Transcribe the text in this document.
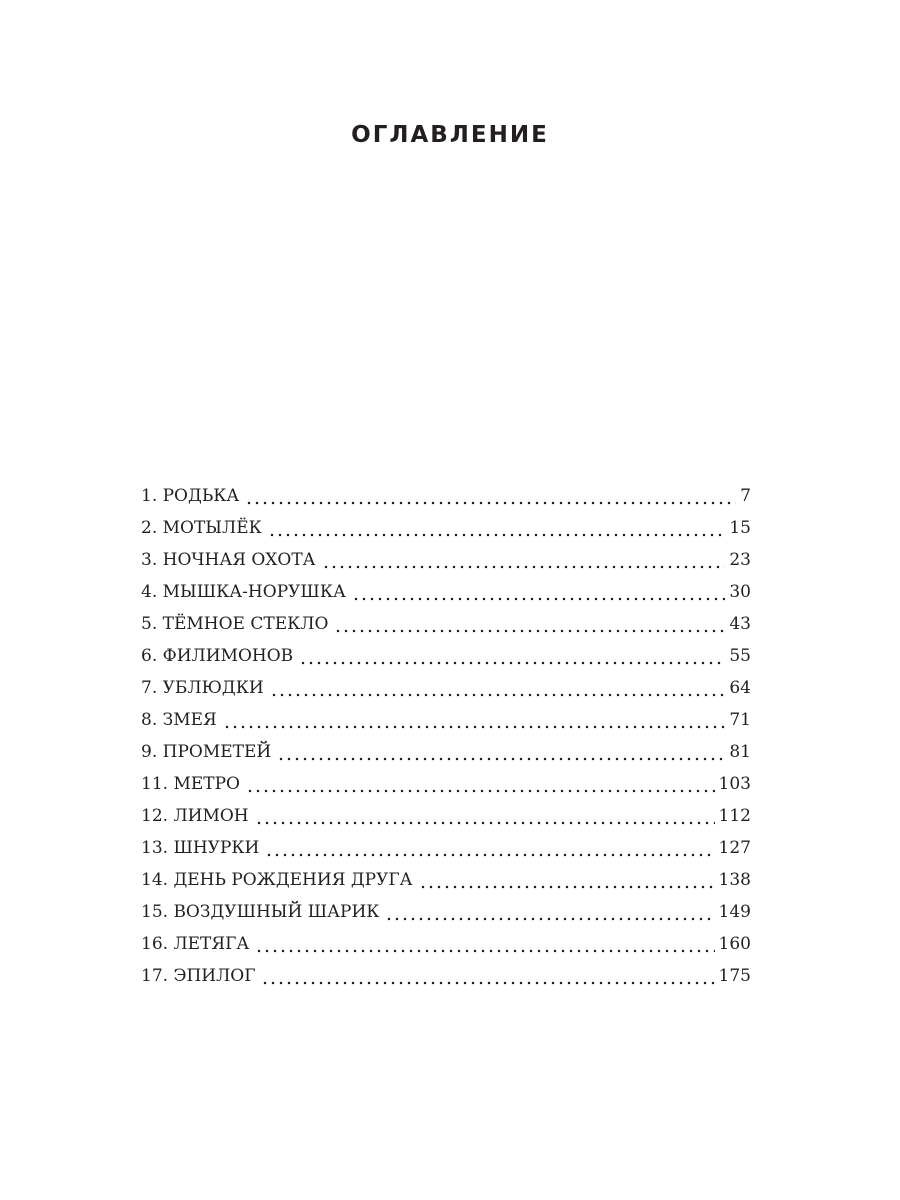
ОГЛАВЛЕНИЕ
1. РОДЬКА	7
2. МОТЫЛЁК	15
3. НОЧНАЯ ОХОТА	23
4. МЫШКА-НОРУШКА	30
5. ТЁМНОЕ СТЕКЛО	43
6. ФИЛИМОНОВ	55
7. УБЛЮДКИ	64
8. ЗМЕЯ	71
9. ПРОМЕТЕЙ	81
11. МЕТРО	103
12. ЛИМОН	112
13. ШНУРКИ	127
14. ДЕНЬ РОЖДЕНИЯ ДРУГА	138
15. ВОЗДУШНЫЙ ШАРИК	149
16. ЛЕТЯГА	160
17. ЭПИЛОГ	175
